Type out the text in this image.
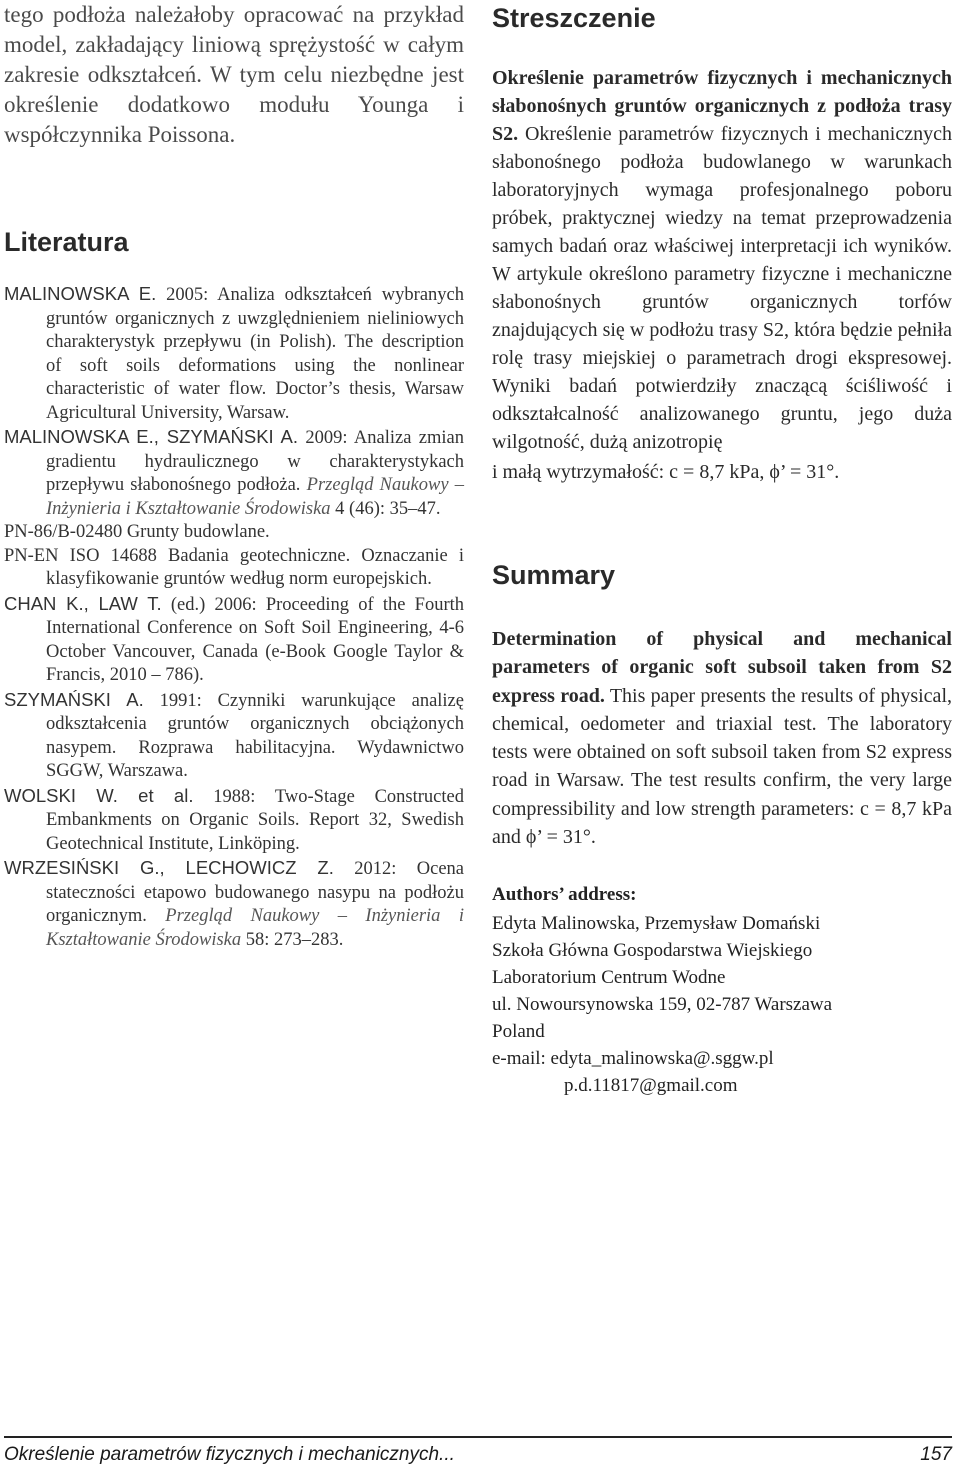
tego podłoża należałoby opracować na przykład model, zakładający liniową sprężystość w całym zakresie odkształceń. W tym celu niezbędne jest określenie dodatkowo modułu Younga i współczynnika Poissona.

Literatura

MALINOWSKA E. 2005: Analiza odkształceń wybranych gruntów organicznych z uwzględnieniem nieliniowych charakterystyk przepływu (in Polish). The description of soft soils deformations using the nonlinear characteristic of water flow. Doctor’s thesis, Warsaw Agricultural University, Warsaw.

MALINOWSKA E., SZYMAŃSKI A. 2009: Analiza zmian gradientu hydraulicznego w charakterystykach przepływu słabonośnego podłoża. Przegląd Naukowy – Inżynieria i Kształtowanie Środowiska 4 (46): 35–47.

PN-86/B-02480 Grunty budowlane.

PN-EN ISO 14688 Badania geotechniczne. Oznaczanie i klasyfikowanie gruntów według norm europejskich.

CHAN K., LAW T. (ed.) 2006: Proceeding of the Fourth International Conference on Soft Soil Engineering, 4-6 October Vancouver, Canada (e-Book Google Taylor & Francis, 2010 – 786).

SZYMAŃSKI A. 1991: Czynniki warunkujące analizę odkształcenia gruntów organicznych obciążonych nasypem. Rozprawa habilitacyjna. Wydawnictwo SGGW, Warszawa.

WOLSKI W. et al. 1988: Two-Stage Constructed Embankments on Organic Soils. Report 32, Swedish Geotechnical Institute, Linköping.

WRZESIŃSKI G., LECHOWICZ Z. 2012: Ocena stateczności etapowo budowanego nasypu na podłożu organicznym. Przegląd Naukowy – Inżynieria i Kształtowanie Środowiska 58: 273–283.

Streszczenie

Określenie parametrów fizycznych i mechanicznych słabonośnych gruntów organicznych z podłoża trasy S2. Określenie parametrów fizycznych i mechanicznych słabonośnego podłoża budowlanego w warunkach laboratoryjnych wymaga profesjonalnego poboru próbek, praktycznej wiedzy na temat przeprowadzenia samych badań oraz właściwej interpretacji ich wyników. W artykule określono parametry fizyczne i mechaniczne słabonośnych gruntów organicznych torfów znajdujących się w podłożu trasy S2, która będzie pełniła rolę trasy miejskiej o parametrach drogi ekspresowej. Wyniki badań potwierdziły znaczącą ściśliwość i odkształcalność analizowanego gruntu, jego duża wilgotność, dużą anizotropię
i małą wytrzymałość: c = 8,7 kPa, ϕ’ = 31°.

Summary

Determination of physical and mechanical parameters of organic soft subsoil taken from S2 express road. This paper presents the results of physical, chemical, oedometer and triaxial test. The laboratory tests were obtained on soft subsoil taken from S2 express road in Warsaw. The test results confirm, the very large compressibility and low strength parameters: c = 8,7 kPa and ϕ’ = 31°.

Authors’ address:
Edyta Malinowska, Przemysław Domański
Szkoła Główna Gospodarstwa Wiejskiego
Laboratorium Centrum Wodne
ul. Nowoursynowska 159, 02-787 Warszawa
Poland
e-mail: edyta_malinowska@.sggw.pl
p.d.11817@gmail.com
Określenie parametrów fizycznych i mechanicznych...	157
